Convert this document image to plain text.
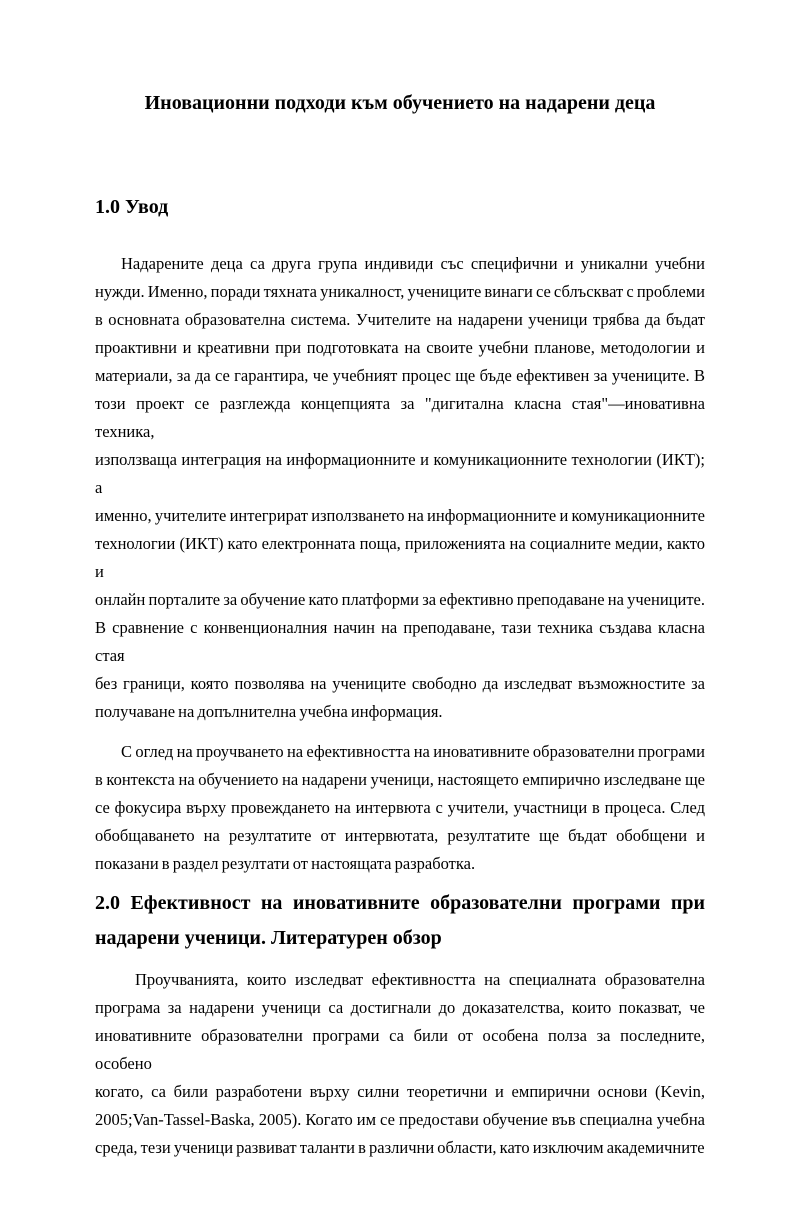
Иновационни подходи към обучението на надарени деца
1.0 Увод
Надарените деца са друга група индивиди със специфични и уникални учебни
нужди. Именно, поради тяхната уникалност, учениците винаги се сблъскват с проблеми
в основната образователна система. Учителите на надарени ученици трябва да бъдат
проактивни и креативни при подготовката на своите учебни планове, методологии и
материали, за да се гарантира, че учебният процес ще бъде ефективен за учениците. В
този проект се разглежда концепцията за "дигитална класна стая"—иновативна техника,
използваща интеграция на информационните и комуникационните технологии (ИКТ); а
именно, учителите интегрират използването на информационните и комуникационните
технологии (ИКТ) като електронната поща, приложенията на социалните медии, както и
онлайн порталите за обучение като платформи за ефективно преподаване на учениците.
В сравнение с конвенционалния начин на преподаване, тази техника създава класна стая
без граници, която позволява на учениците свободно да изследват възможностите за
получаване на допълнителна учебна информация.
С оглед на проучването на ефективността на иновативните образователни програми
в контекста на обучението на надарени ученици, настоящето емпирично изследване ще
се фокусира върху провеждането на интервюта с учители, участници в процеса. След
обобщаването на резултатите от интервютата, резултатите ще бъдат обобщени и
показани в раздел резултати от настоящата разработка.
2.0 Ефективност на иновативните образователни програми при
надарени ученици. Литературен обзор
Проучванията, които изследват ефективността на специалната образователна
програма за надарени ученици са достигнали до доказателства, които показват, че
иновативните образователни програми са били от особена полза за последните, особено
когато, са били разработени върху силни теоретични и емпирични основи (Kevin,
2005;Van-Tassel-Baska, 2005). Когато им се предостави обучение във специална учебна
среда, тези ученици развиват таланти в различни области, като изключим академичните
